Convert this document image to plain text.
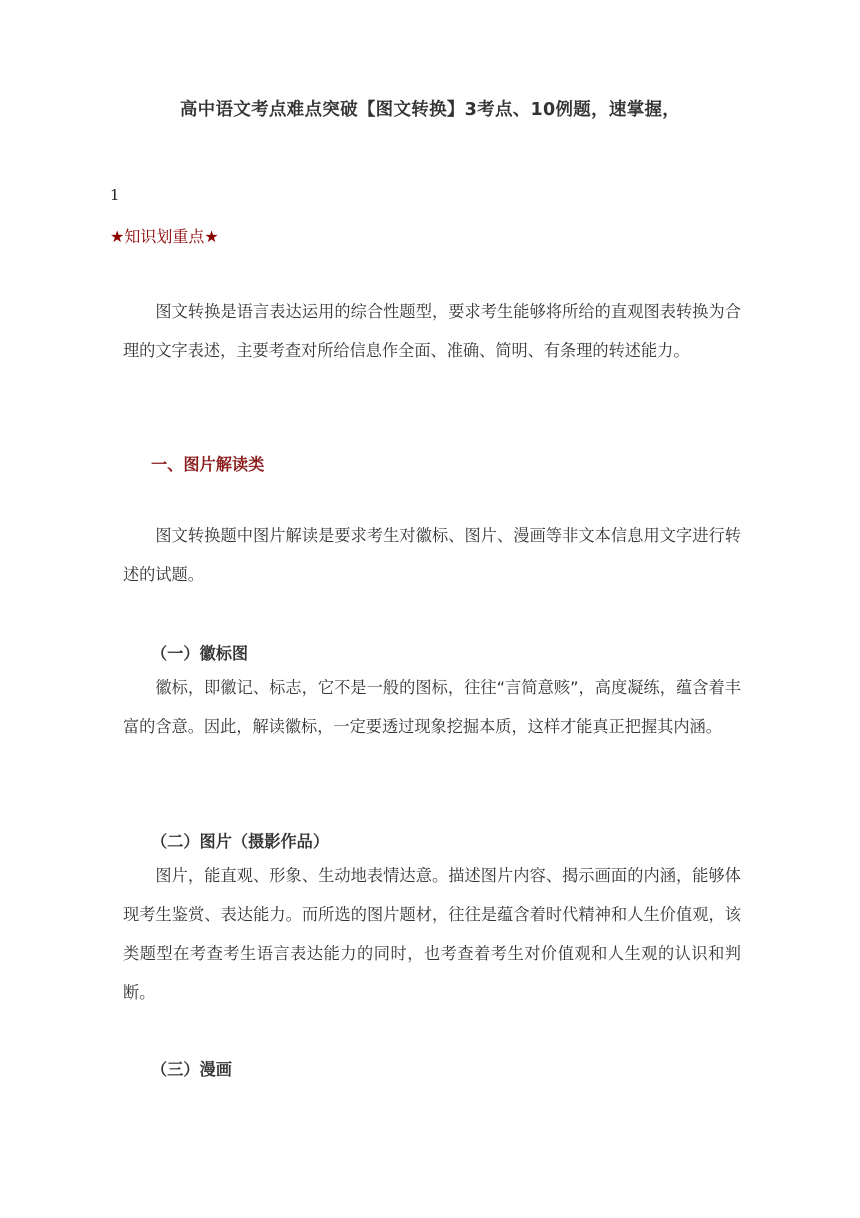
高中语文考点难点突破【图文转换】3考点、10例题，速掌握，
1
★知识划重点★

图文转换是语言表达运用的综合性题型，要求考生能够将所给的直观图表转换为合理的文字表述，主要考查对所给信息作全面、准确、简明、有条理的转述能力。

一、图片解读类

图文转换题中图片解读是要求考生对徽标、图片、漫画等非文本信息用文字进行转述的试题。

（一）徽标图

徽标，即徽记、标志，它不是一般的图标，往往“言简意赅”，高度凝练，蕴含着丰富的含意。因此，解读徽标，一定要透过现象挖掘本质，这样才能真正把握其内涵。

（二）图片（摄影作品）

图片，能直观、形象、生动地表情达意。描述图片内容、揭示画面的内涵，能够体现考生鉴赏、表达能力。而所选的图片题材，往往是蕴含着时代精神和人生价值观，该类题型在考查考生语言表达能力的同时，也考查着考生对价值观和人生观的认识和判断。

（三）漫画
